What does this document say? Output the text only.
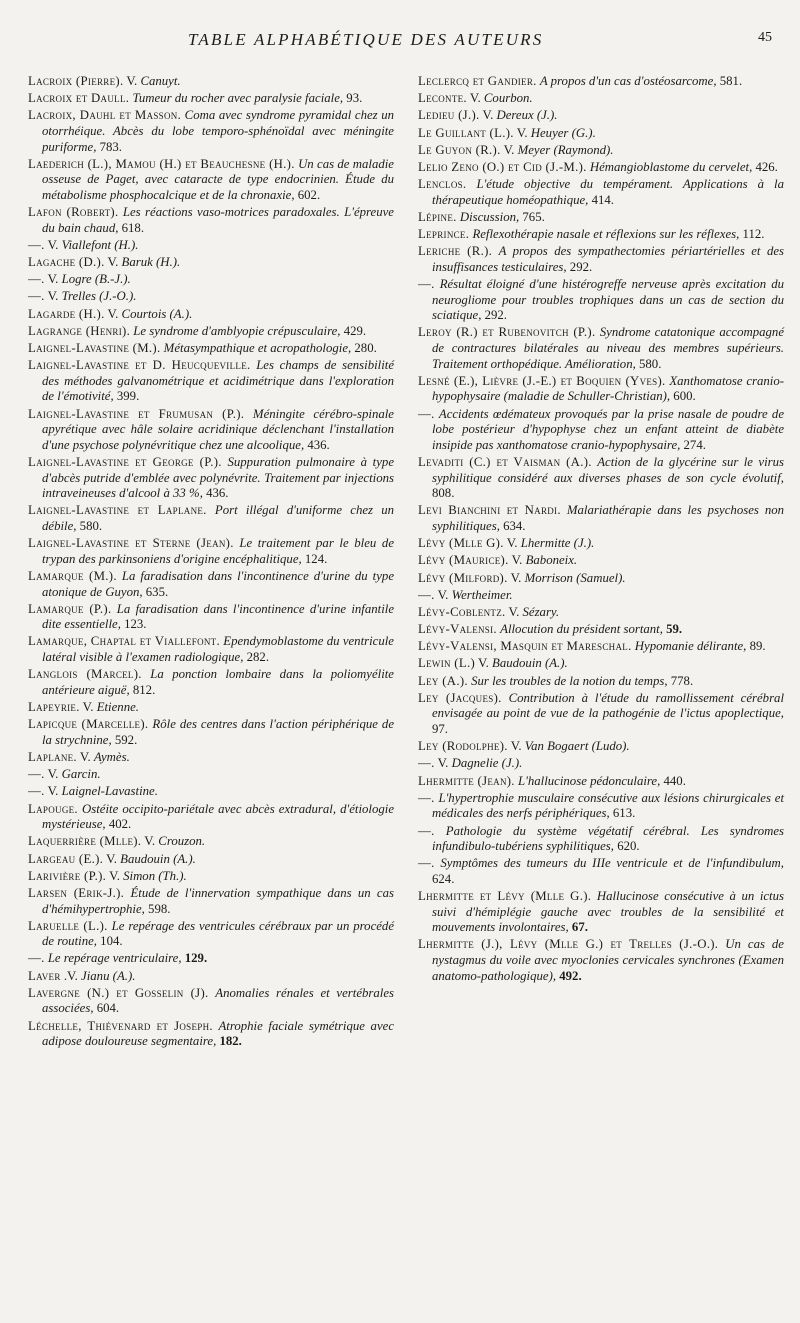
TABLE ALPHABÉTIQUE DES AUTEURS	45
Lacroix (Pierre). V. Canuyt.
Lacroix et Daull. Tumeur du rocher avec paralysie faciale, 93.
Lacroix, Dauhl et Masson. Coma avec syndrome pyramidal chez un otorrhéique. Abcès du lobe temporo-sphénoïdal avec méningite puriforme, 783.
Laederich (L.), Mamou (H.) et Beauchesne (H.). Un cas de maladie osseuse de Paget, avec cataracte de type endocrinien. Étude du métabolisme phosphocalcique et de la chronaxie, 602.
Lafon (Robert). Les réactions vaso-motrices paradoxales. L'épreuve du bain chaud, 618.
—. V. Viallefont (H.).
Lagache (D.). V. Baruk (H.).
—. V. Logre (B.-J.).
—. V. Trelles (J.-O.).
Lagarde (H.). V. Courtois (A.).
Lagrange (Henri). Le syndrome d'amblyopie crépusculaire, 429.
Laignel-Lavastine (M.). Métasympathique et acropathologie, 280.
Laignel-Lavastine et D. Heucqueville. Les champs de sensibilité des méthodes galvanométrique et acidimétrique dans l'exploration de l'émotivité, 399.
Laignel-Lavastine et Frumusan (P.). Méningite cérébro-spinale apyrétique avec hâle solaire acridinique déclenchant l'installation d'une psychose polynévritique chez une alcoolique, 436.
Laignel-Lavastine et George (P.). Suppuration pulmonaire à type d'abcès putride d'emblée avec polynévrite. Traitement par injections intraveineuses d'alcool à 33 %, 436.
Laignel-Lavastine et Laplane. Port illégal d'uniforme chez un débile, 580.
Laignel-Lavastine et Sterne (Jean). Le traitement par le bleu de trypan des parkinsoniens d'origine encéphalitique, 124.
Lamarque (M.). La faradisation dans l'incontinence d'urine du type atonique de Guyon, 635.
Lamarque (P.). La faradisation dans l'incontinence d'urine infantile dite essentielle, 123.
Lamarque, Chaptal et Viallefont. Ependymoblastome du ventricule latéral visible à l'examen radiologique, 282.
Langlois (Marcel). La ponction lombaire dans la poliomyélite antérieure aiguë, 812.
Lapeyrie. V. Etienne.
Lapicque (Marcelle). Rôle des centres dans l'action périphérique de la strychnine, 592.
Laplane. V. Aymès.
—. V. Garcin.
—. V. Laignel-Lavastine.
Lapouge. Ostéite occipito-pariétale avec abcès extradural, d'étiologie mystérieuse, 402.
Laquerrière (Mlle). V. Crouzon.
Largeau (E.). V. Baudouin (A.).
Larivière (P.). V. Simon (Th.).
Larsen (Erik-J.). Étude de l'innervation sympathique dans un cas d'hémihypertrophie, 598.
Laruelle (L.). Le repérage des ventricules cérébraux par un procédé de routine, 104.
—. Le repérage ventriculaire, 129.
Laver .V. Jianu (A.).
Lavergne (N.) et Gosselin (J). Anomalies rénales et vertébrales associées, 604.
Léchelle, Thiévenard et Joseph. Atrophie faciale symétrique avec adipose douloureuse segmentaire, 182.
Leclercq et Gandier. A propos d'un cas d'ostéosarcome, 581.
Leconte. V. Courbon.
Ledieu (J.). V. Dereux (J.).
Le Guillant (L.). V. Heuyer (G.).
Le Guyon (R.). V. Meyer (Raymond).
Lelio Zeno (O.) et Cid (J.-M.). Hémangioblastome du cervelet, 426.
Lenclos. L'étude objective du tempérament. Applications à la thérapeutique homéopathique, 414.
Lépine. Discussion, 765.
Leprince. Reflexothérapie nasale et réflexions sur les réflexes, 112.
Leriche (R.). A propos des sympathectomies périartérielles et des insuffisances testiculaires, 292.
—. Résultat éloigné d'une histérogreffe nerveuse après excitation du neurogliome pour troubles trophiques dans un cas de section du sciatique, 292.
Leroy (R.) et Rubenovitch (P.). Syndrome catatonique accompagné de contractures bilatérales au niveau des membres supérieurs. Traitement orthopédique. Amélioration, 580.
Lesné (E.), Lièvre (J.-E.) et Boquien (Yves). Xanthomatose cranio-hypophysaire (maladie de Schuller-Christian), 600.
—. Accidents œdémateux provoqués par la prise nasale de poudre de lobe postérieur d'hypophyse chez un enfant atteint de diabète insipide pas xanthomatose cranio-hypophysaire, 274.
Levaditi (C.) et Vaisman (A.). Action de la glycérine sur le virus syphilitique considéré aux diverses phases de son cycle évolutif, 808.
Levi Bianchini et Nardi. Malariathérapie dans les psychoses non syphilitiques, 634.
Lévy (Mlle G). V. Lhermitte (J.).
Lévy (Maurice). V. Baboneix.
Lévy (Milford). V. Morrison (Samuel).
—. V. Wertheimer.
Lévy-Coblentz. V. Sézary.
Lévy-Valensi. Allocution du président sortant, 59.
Lévy-Valensi, Masquin et Mareschal. Hypomanie délirante, 89.
Lewin (L.) V. Baudouin (A.).
Ley (A.). Sur les troubles de la notion du temps, 778.
Ley (Jacques). Contribution à l'étude du ramollissement cérébral envisagée au point de vue de la pathogénie de l'ictus apoplectique, 97.
Ley (Rodolphe). V. Van Bogaert (Ludo).
—. V. Dagnelie (J.).
Lhermitte (Jean). L'hallucinose pédonculaire, 440.
—. L'hypertrophie musculaire consécutive aux lésions chirurgicales et médicales des nerfs périphériques, 613.
—. Pathologie du système végétatif cérébral. Les syndromes infundibulo-tubériens syphilitiques, 620.
—. Symptômes des tumeurs du IIIe ventricule et de l'infundibulum, 624.
Lhermitte et Lévy (Mlle G.). Hallucinose consécutive à un ictus suivi d'hémiplégie gauche avec troubles de la sensibilité et mouvements involontaires, 67.
Lhermitte (J.), Lévy (Mlle G.) et Trelles (J.-O.). Un cas de nystagmus du voile avec myoclonies cervicales synchrones (Examen anatomo-pathologique), 492.
